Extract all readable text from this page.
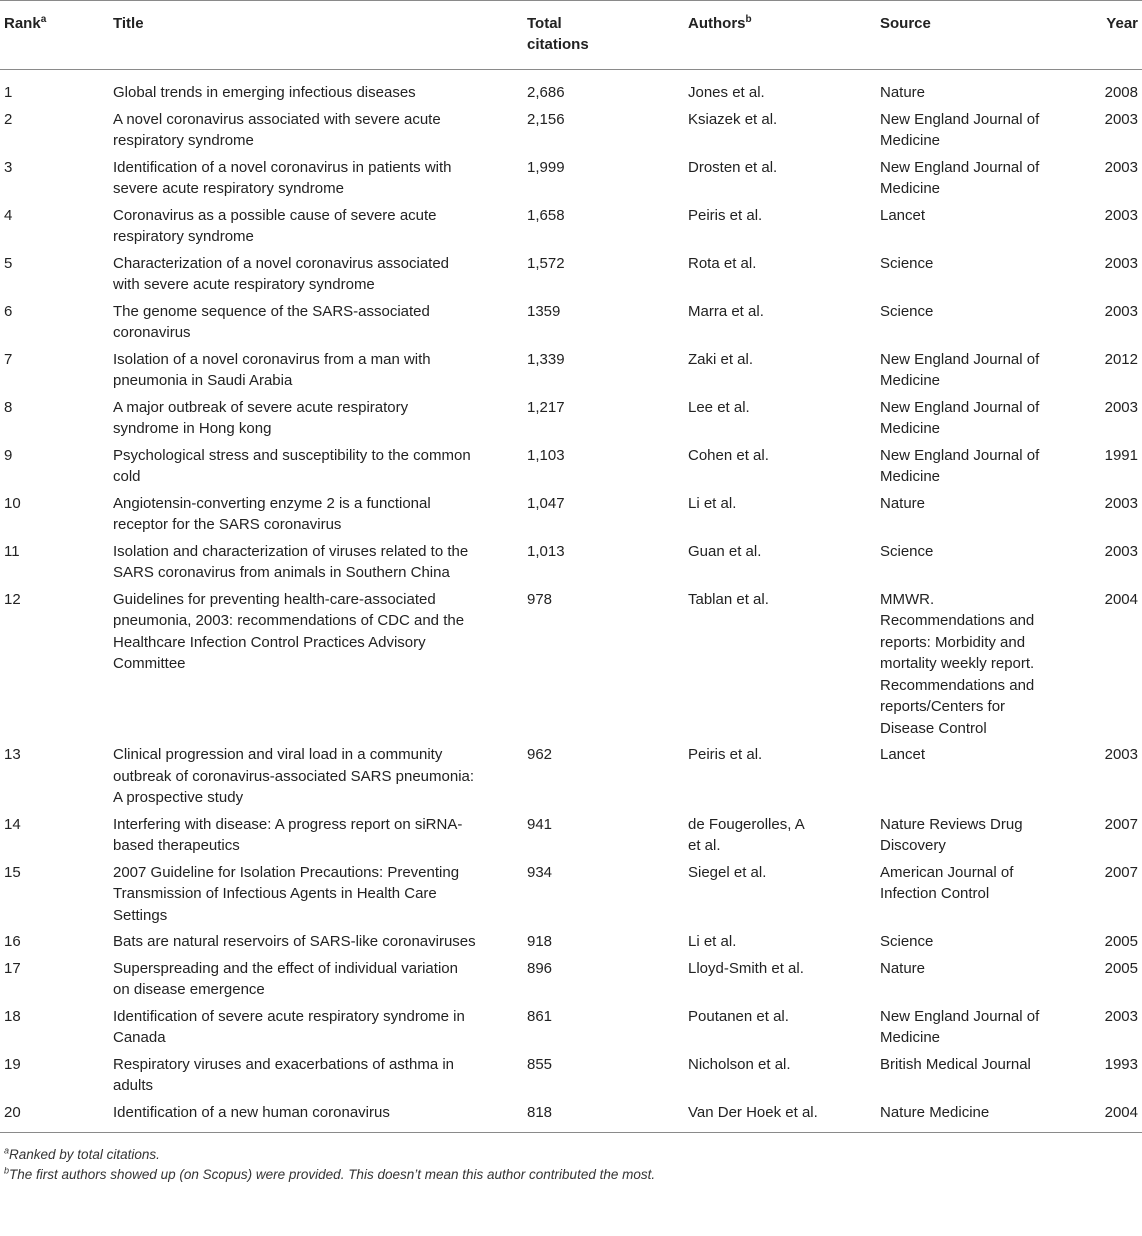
Rank$^a$	Title	Total citations	Authors$^b$	Source	Year
1	Global trends in emerging infectious diseases	2,686	Jones et al.	Nature	2008
2	A novel coronavirus associated with severe acute respiratory syndrome	2,156	Ksiazek et al.	New England Journal of Medicine	2003
3	Identification of a novel coronavirus in patients with severe acute respiratory syndrome	1,999	Drosten et al.	New England Journal of Medicine	2003
4	Coronavirus as a possible cause of severe acute respiratory syndrome	1,658	Peiris et al.	Lancet	2003
5	Characterization of a novel coronavirus associated with severe acute respiratory syndrome	1,572	Rota et al.	Science	2003
6	The genome sequence of the SARS-associated coronavirus	1359	Marra et al.	Science	2003
7	Isolation of a novel coronavirus from a man with pneumonia in Saudi Arabia	1,339	Zaki et al.	New England Journal of Medicine	2012
8	A major outbreak of severe acute respiratory syndrome in Hong kong	1,217	Lee et al.	New England Journal of Medicine	2003
9	Psychological stress and susceptibility to the common cold	1,103	Cohen et al.	New England Journal of Medicine	1991
10	Angiotensin-converting enzyme 2 is a functional receptor for the SARS coronavirus	1,047	Li et al.	Nature	2003
11	Isolation and characterization of viruses related to the SARS coronavirus from animals in Southern China	1,013	Guan et al.	Science	2003
12	Guidelines for preventing health-care-associated pneumonia, 2003: recommendations of CDC and the Healthcare Infection Control Practices Advisory Committee	978	Tablan et al.	MMWR. Recommendations and reports: Morbidity and mortality weekly report. Recommendations and reports/Centers for Disease Control	2004
13	Clinical progression and viral load in a community outbreak of coronavirus-associated SARS pneumonia: A prospective study	962	Peiris et al.	Lancet	2003
14	Interfering with disease: A progress report on siRNA-based therapeutics	941	de Fougerolles, A et al.	Nature Reviews Drug Discovery	2007
15	2007 Guideline for Isolation Precautions: Preventing Transmission of Infectious Agents in Health Care Settings	934	Siegel et al.	American Journal of Infection Control	2007
16	Bats are natural reservoirs of SARS-like coronaviruses	918	Li et al.	Science	2005
17	Superspreading and the effect of individual variation on disease emergence	896	Lloyd-Smith et al.	Nature	2005
18	Identification of severe acute respiratory syndrome in Canada	861	Poutanen et al.	New England Journal of Medicine	2003
19	Respiratory viruses and exacerbations of asthma in adults	855	Nicholson et al.	British Medical Journal	1993
20	Identification of a new human coronavirus	818	Van Der Hoek et al.	Nature Medicine	2004
$^a$Ranked by total citations.
$^b$The first authors showed up (on Scopus) were provided. This doesn’t mean this author contributed the most.
